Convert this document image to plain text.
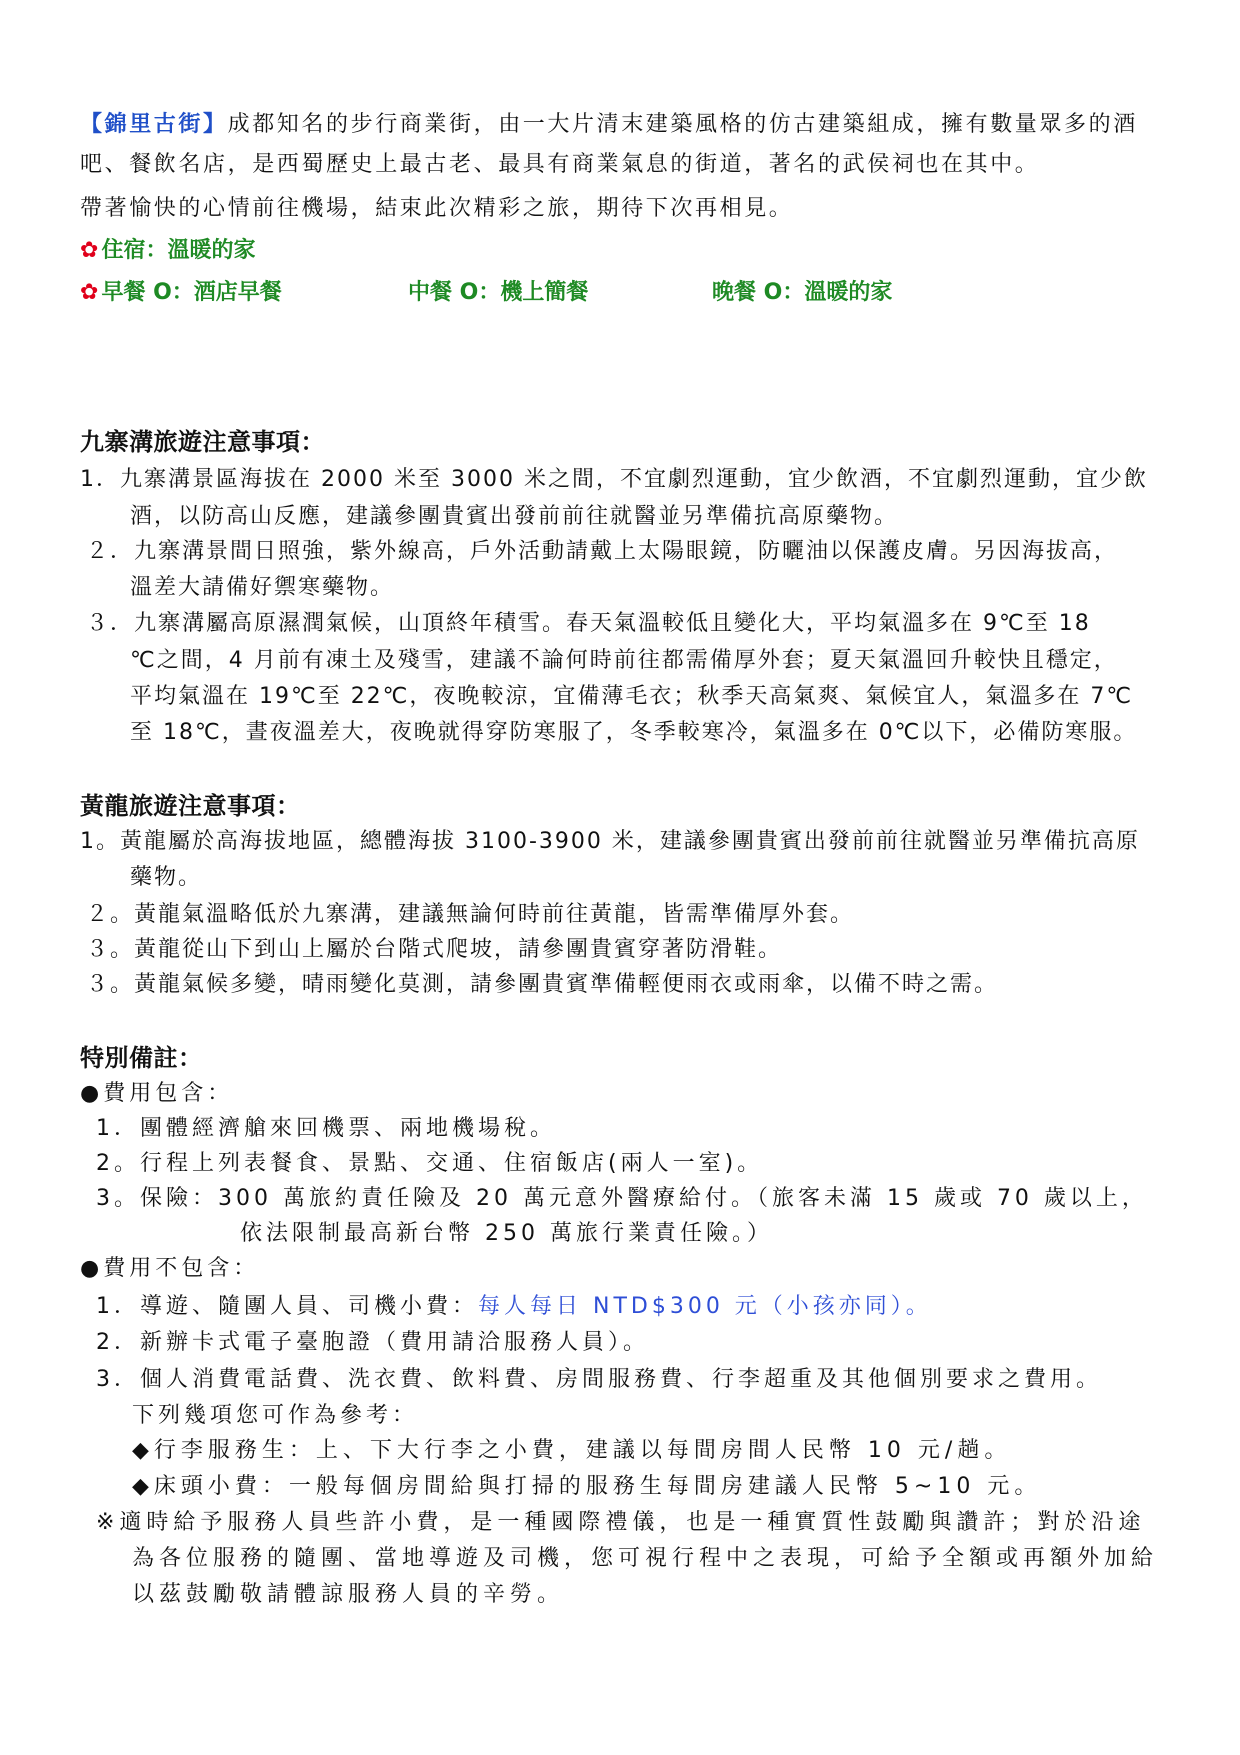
【錦里古街】成都知名的步行商業街，由一大片清末建築風格的仿古建築組成，擁有數量眾多的酒
吧、餐飲名店，是西蜀歷史上最古老、最具有商業氣息的街道，著名的武侯祠也在其中。
帶著愉快的心情前往機場，結束此次精彩之旅，期待下次再相見。
✿ 住宿：溫暖的家
✿ 早餐 O：酒店早餐	中餐 O：機上簡餐	晚餐 O：溫暖的家
九寨溝旅遊注意事項：
1．九寨溝景區海拔在 2000 米至 3000 米之間，不宜劇烈運動，宜少飲酒，不宜劇烈運動，宜少飲
酒，以防高山反應，建議參團貴賓出發前前往就醫並另準備抗高原藥物。
２．九寨溝景間日照強，紫外線高，戶外活動請戴上太陽眼鏡，防曬油以保護皮膚。另因海拔高，
溫差大請備好禦寒藥物。
３．九寨溝屬高原濕潤氣候，山頂終年積雪。春天氣溫較低且變化大，平均氣溫多在 9℃至 18
℃之間，4 月前有凍土及殘雪，建議不論何時前往都需備厚外套；夏天氣溫回升較快且穩定，
平均氣溫在 19℃至 22℃，夜晚較涼，宜備薄毛衣；秋季天高氣爽、氣候宜人，氣溫多在 7℃
至 18℃，晝夜溫差大，夜晚就得穿防寒服了，冬季較寒冷，氣溫多在 0℃以下，必備防寒服。
黃龍旅遊注意事項：
1。黃龍屬於高海拔地區，總體海拔 3100-3900 米，建議參團貴賓出發前前往就醫並另準備抗高原
藥物。
２。黃龍氣溫略低於九寨溝，建議無論何時前往黃龍，皆需準備厚外套。
３。黃龍從山下到山上屬於台階式爬坡，請參團貴賓穿著防滑鞋。
３。黃龍氣候多變，晴雨變化莫測，請參團貴賓準備輕便雨衣或雨傘，以備不時之需。
特別備註：
●費用包含：
1．團體經濟艙來回機票、兩地機場稅。
2。行程上列表餐食、景點、交通、住宿飯店(兩人一室)。
3。保險：300 萬旅約責任險及 20 萬元意外醫療給付。（旅客未滿 15 歲或 70 歲以上，
依法限制最高新台幣 250 萬旅行業責任險。）
●費用不包含：
1．導遊、隨團人員、司機小費：每人每日 NTD$300 元（小孩亦同）。
2．新辦卡式電子臺胞證（費用請洽服務人員）。
3．個人消費電話費、洗衣費、飲料費、房間服務費、行李超重及其他個別要求之費用。
下列幾項您可作為參考：
◆行李服務生：上、下大行李之小費，建議以每間房間人民幣 10 元/趟。
◆床頭小費：一般每個房間給與打掃的服務生每間房建議人民幣 5~10 元。
※適時給予服務人員些許小費，是一種國際禮儀，也是一種實質性鼓勵與讚許；對於沿途
為各位服務的隨團、當地導遊及司機，您可視行程中之表現，可給予全額或再額外加給
以茲鼓勵敬請體諒服務人員的辛勞。
